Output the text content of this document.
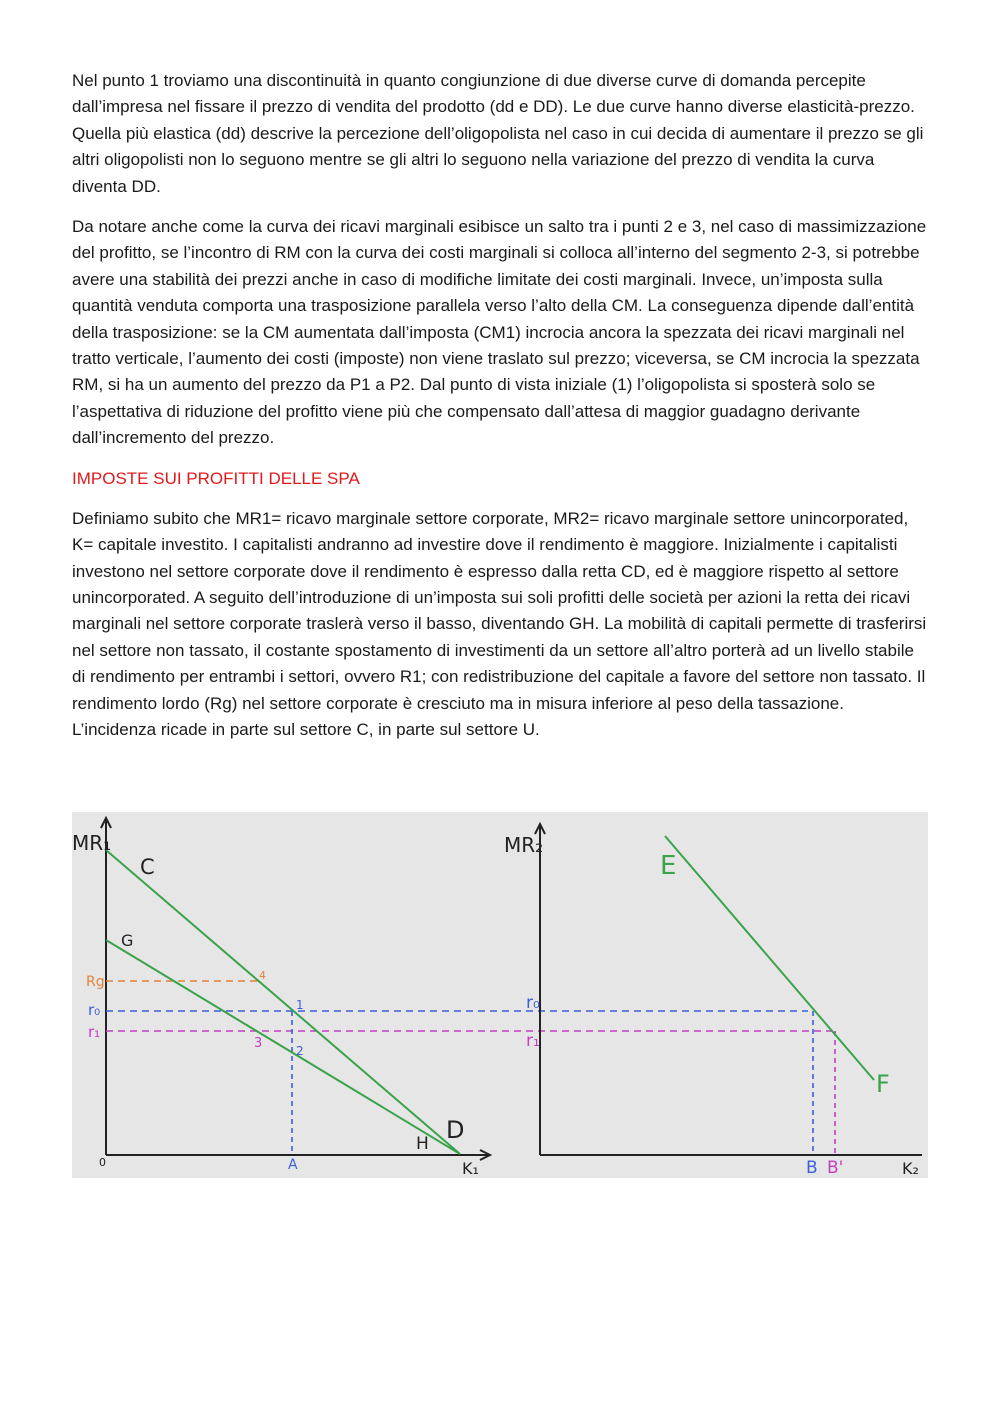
Nel punto 1 troviamo una discontinuità in quanto congiunzione di due diverse curve di domanda percepite dall’impresa nel fissare il prezzo di vendita del prodotto (dd e DD). Le due curve hanno diverse elasticità-prezzo. Quella più elastica (dd) descrive la percezione dell’oligopolista nel caso in cui decida di aumentare il prezzo se gli altri oligopolisti non lo seguono mentre se gli altri lo seguono nella variazione del prezzo di vendita la curva diventa DD.

Da notare anche come la curva dei ricavi marginali esibisce un salto tra i punti 2 e 3, nel caso di massimizzazione del profitto, se l’incontro di RM con la curva dei costi marginali si colloca all’interno del segmento 2-3, si potrebbe avere una stabilità dei prezzi anche in caso di modifiche limitate dei costi marginali. Invece, un’imposta sulla quantità venduta comporta una trasposizione parallela verso l’alto della CM. La conseguenza dipende dall’entità della trasposizione: se la CM aumentata dall’imposta (CM1) incrocia ancora la spezzata dei ricavi marginali nel tratto verticale, l’aumento dei costi (imposte) non viene traslato sul prezzo; viceversa, se CM incrocia la spezzata RM, si ha un aumento del prezzo da P1 a P2. Dal punto di vista iniziale (1) l’oligopolista si sposterà solo se l’aspettativa di riduzione del profitto viene più che compensato dall’attesa di maggior guadagno derivante dall’incremento del prezzo.

IMPOSTE SUI PROFITTI DELLE SPA

Definiamo subito che MR1= ricavo marginale settore corporate, MR2= ricavo marginale settore unincorporated, K= capitale investito. I capitalisti andranno ad investire dove il rendimento è maggiore. Inizialmente i capitalisti investono nel settore corporate dove il rendimento è espresso dalla retta CD, ed è maggiore rispetto al settore unincorporated. A seguito dell’introduzione di un’imposta sui soli profitti delle società per azioni la retta dei ricavi marginali nel settore corporate traslerà verso il basso, diventando GH. La mobilità di capitali permette di trasferirsi nel settore non tassato, il costante spostamento di investimenti da un settore all’altro porterà ad un livello stabile di rendimento per entrambi i settori, ovvero R1; con redistribuzione del capitale a favore del settore non tassato. Il rendimento lordo (Rg) nel settore corporate è cresciuto ma in misura inferiore al peso della tassazione. L’incidenza ricade in parte sul settore C, in parte sul settore U.

MR₁
K₁
0
C
D
G
H
1
2
3
4
Rg
r₀
r₁
A
MR₂
K₂
E
F
r₀
r₁
B B'
